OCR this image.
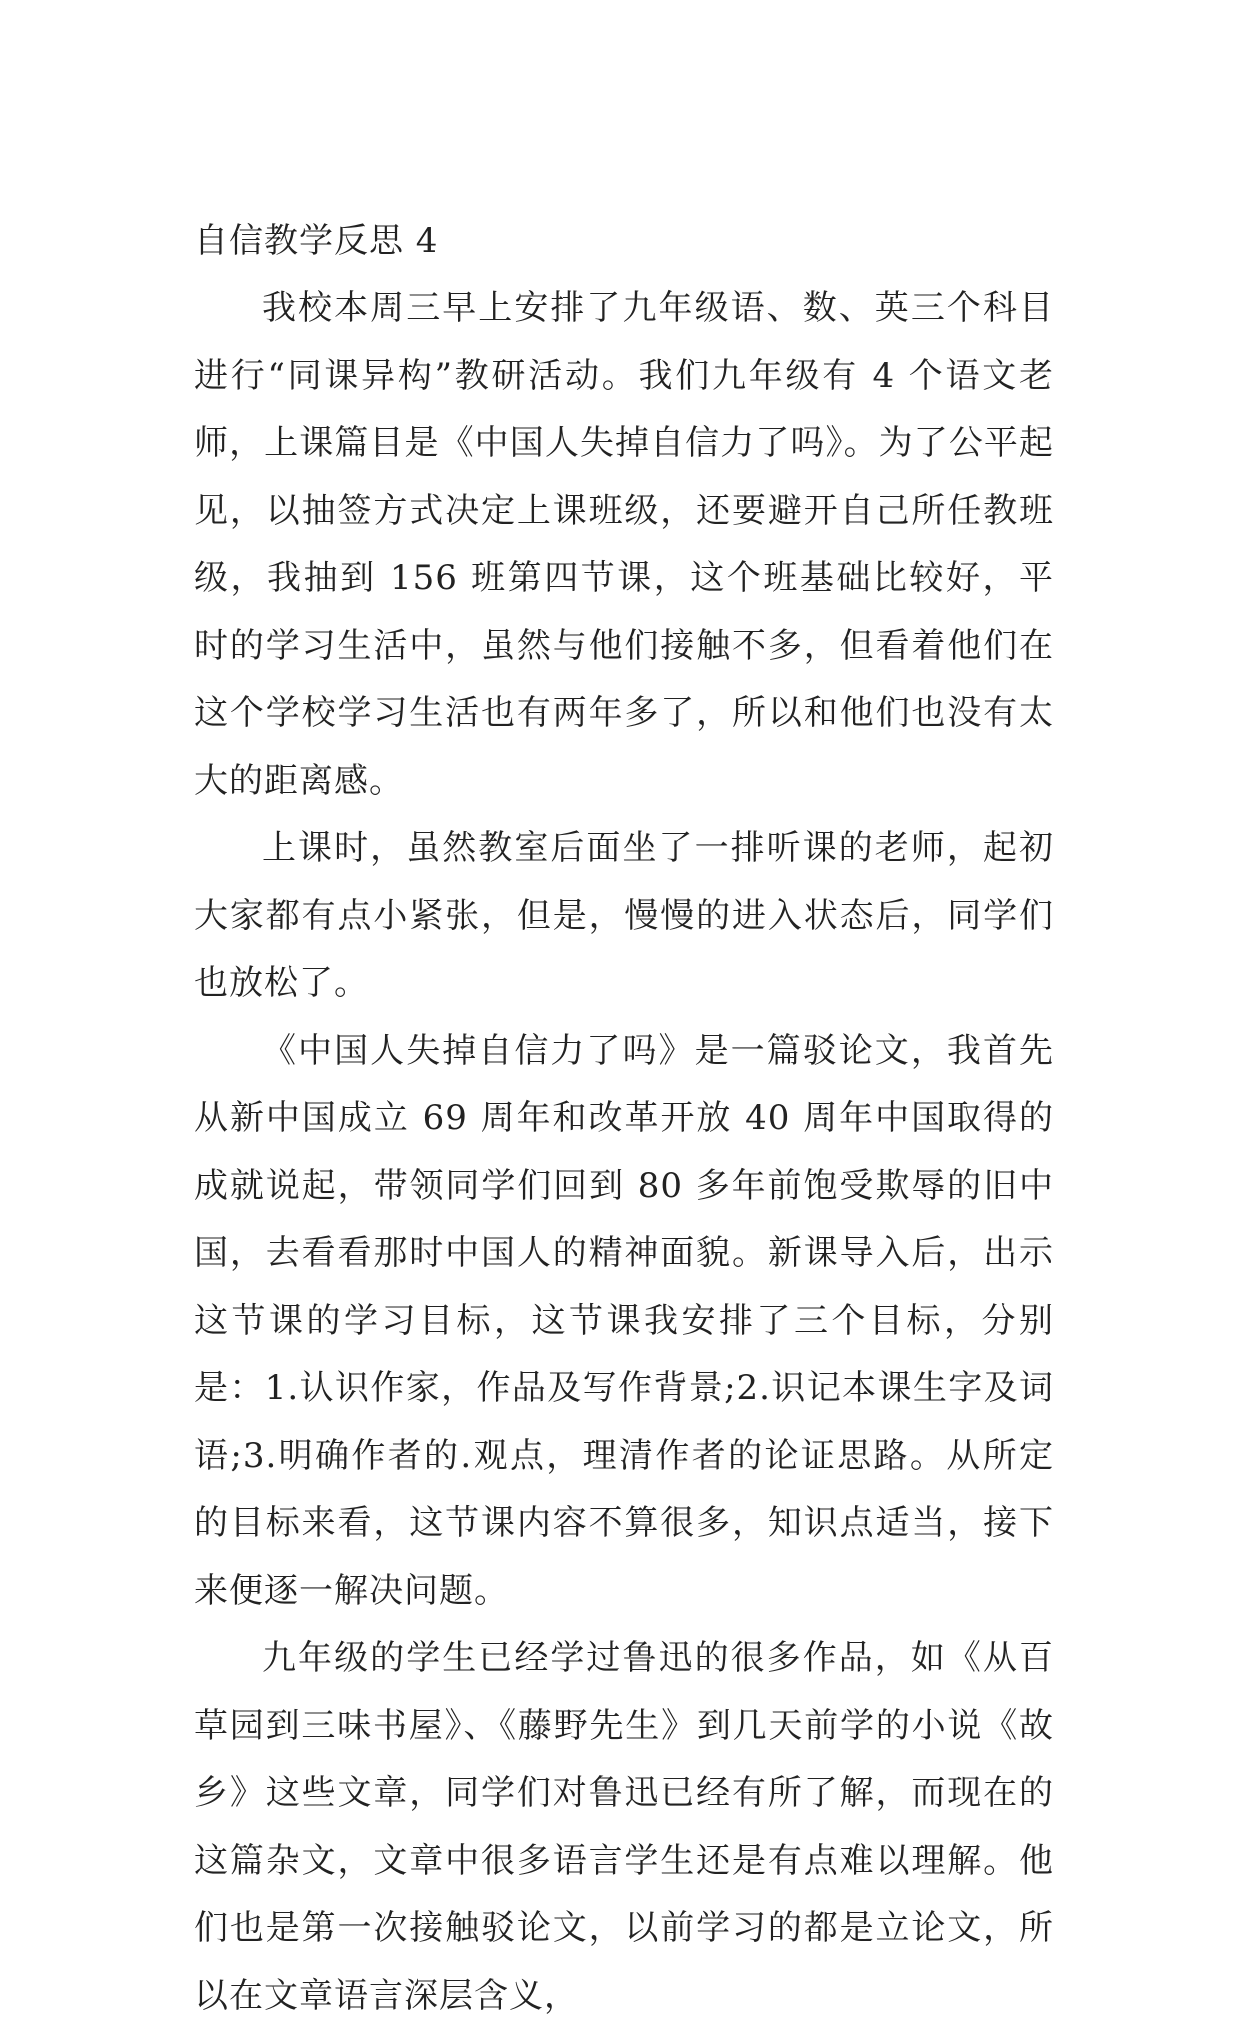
自信教学反思 4

我校本周三早上安排了九年级语、数、英三个科目进行“同课异构”教研活动。我们九年级有 4 个语文老师，上课篇目是《中国人失掉自信力了吗》。为了公平起见，以抽签方式决定上课班级，还要避开自己所任教班级，我抽到 156 班第四节课，这个班基础比较好，平时的学习生活中，虽然与他们接触不多，但看着他们在这个学校学习生活也有两年多了，所以和他们也没有太大的距离感。

上课时，虽然教室后面坐了一排听课的老师，起初大家都有点小紧张，但是，慢慢的进入状态后，同学们也放松了。

《中国人失掉自信力了吗》是一篇驳论文，我首先从新中国成立 69 周年和改革开放 40 周年中国取得的成就说起，带领同学们回到 80 多年前饱受欺辱的旧中国，去看看那时中国人的精神面貌。新课导入后，出示这节课的学习目标，这节课我安排了三个目标，分别是：1.认识作家，作品及写作背景;2.识记本课生字及词语;3.明确作者的.观点，理清作者的论证思路。从所定的目标来看，这节课内容不算很多，知识点适当，接下来便逐一解决问题。

九年级的学生已经学过鲁迅的很多作品，如《从百草园到三味书屋》、《藤野先生》到几天前学的小说《故乡》这些文章，同学们对鲁迅已经有所了解，而现在的这篇杂文，文章中很多语言学生还是有点难以理解。他们也是第一次接触驳论文，以前学习的都是立论文，所以在文章语言深层含义，
